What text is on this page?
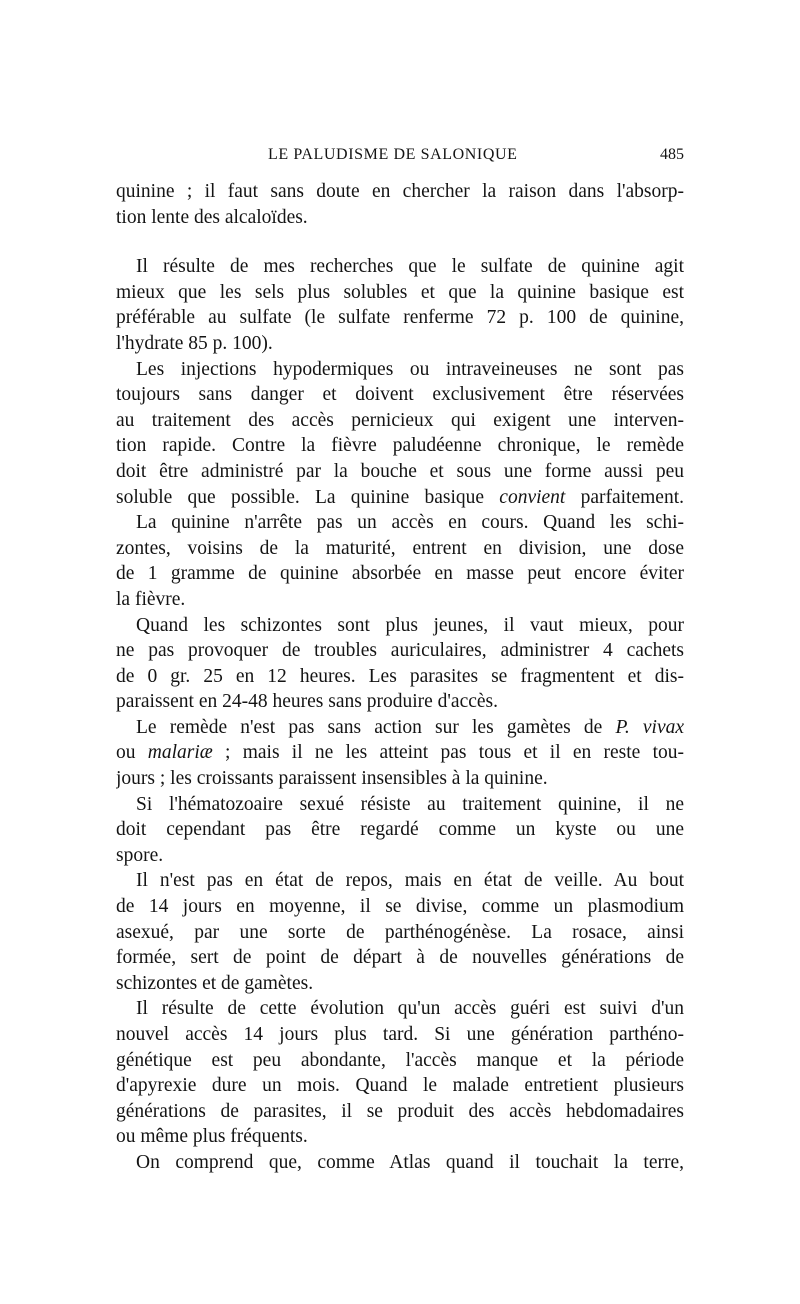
LE PALUDISME DE SALONIQUE	485
quinine ; il faut sans doute en chercher la raison dans l'absorp-
tion lente des alcaloïdes.
Il résulte de mes recherches que le sulfate de quinine agit
mieux que les sels plus solubles et que la quinine basique est
préférable au sulfate (le sulfate renferme 72 p. 100 de quinine,
l'hydrate 85 p. 100).
Les injections hypodermiques ou intraveineuses ne sont pas
toujours sans danger et doivent exclusivement être réservées
au traitement des accès pernicieux qui exigent une interven-
tion rapide. Contre la fièvre paludéenne chronique, le remède
doit être administré par la bouche et sous une forme aussi peu
soluble que possible. La quinine basique convient parfaitement.
La quinine n'arrête pas un accès en cours. Quand les schi-
zontes, voisins de la maturité, entrent en division, une dose
de 1 gramme de quinine absorbée en masse peut encore éviter
la fièvre.
Quand les schizontes sont plus jeunes, il vaut mieux, pour
ne pas provoquer de troubles auriculaires, administrer 4 cachets
de 0 gr. 25 en 12 heures. Les parasites se fragmentent et dis-
paraissent en 24-48 heures sans produire d'accès.
Le remède n'est pas sans action sur les gamètes de P. vivax
ou malariæ ; mais il ne les atteint pas tous et il en reste tou-
jours ; les croissants paraissent insensibles à la quinine.
Si l'hématozoaire sexué résiste au traitement quinine, il ne
doit cependant pas être regardé comme un kyste ou une
spore.
Il n'est pas en état de repos, mais en état de veille. Au bout
de 14 jours en moyenne, il se divise, comme un plasmodium
asexué, par une sorte de parthénogénèse. La rosace, ainsi
formée, sert de point de départ à de nouvelles générations de
schizontes et de gamètes.
Il résulte de cette évolution qu'un accès guéri est suivi d'un
nouvel accès 14 jours plus tard. Si une génération parthéno-
génétique est peu abondante, l'accès manque et la période
d'apyrexie dure un mois. Quand le malade entretient plusieurs
générations de parasites, il se produit des accès hebdomadaires
ou même plus fréquents.
On comprend que, comme Atlas quand il touchait la terre,
